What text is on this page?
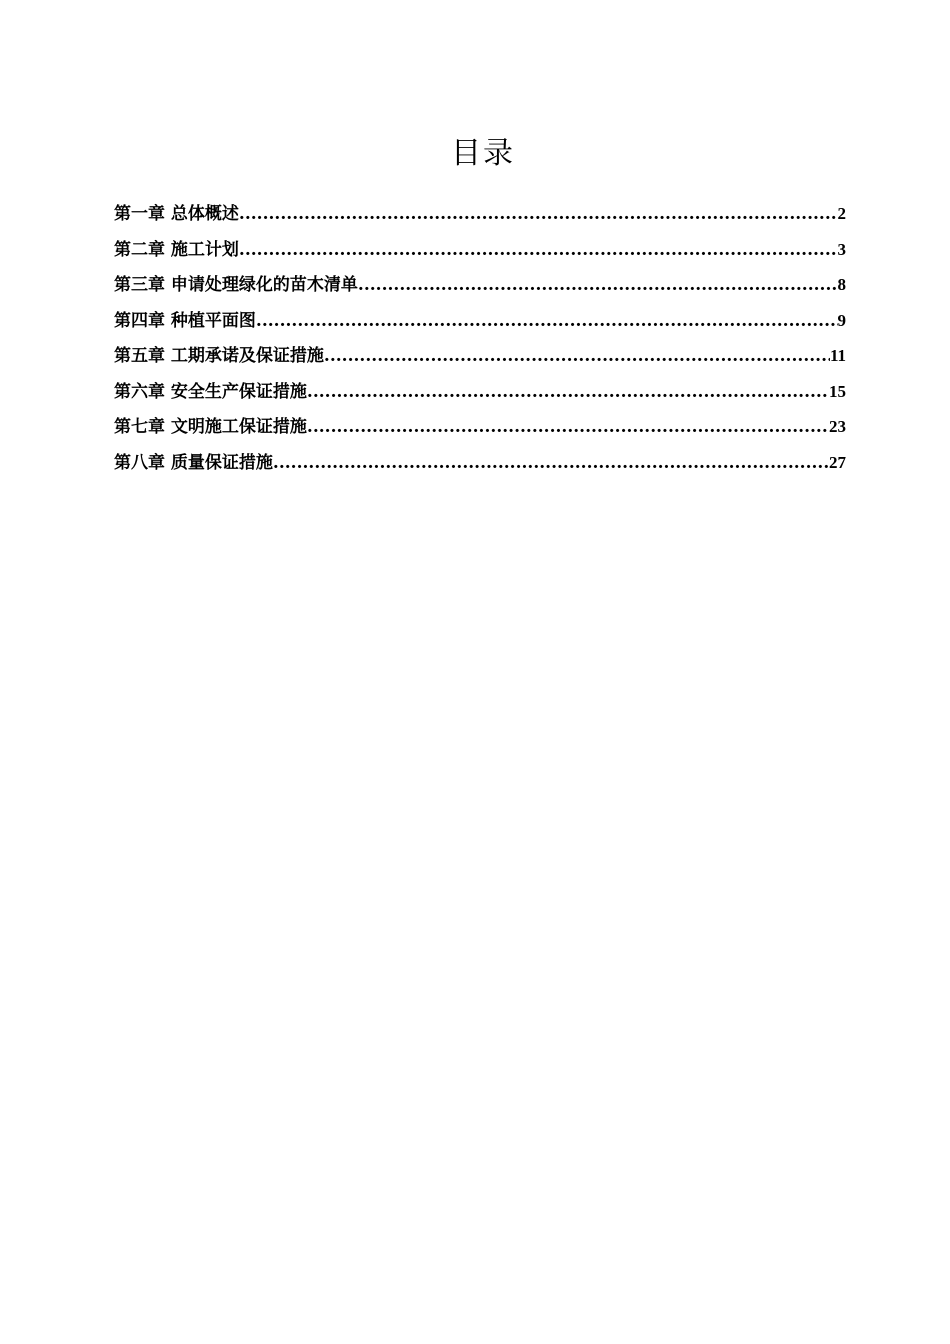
目录
第一章 总体概述 .....	2
第二章 施工计划 .....	3
第三章 申请处理绿化的苗木清单 .....	8
第四章 种植平面图 .....	9
第五章 工期承诺及保证措施 .....	11
第六章 安全生产保证措施 .....	15
第七章 文明施工保证措施 .....	23
第八章 质量保证措施 .....	27
